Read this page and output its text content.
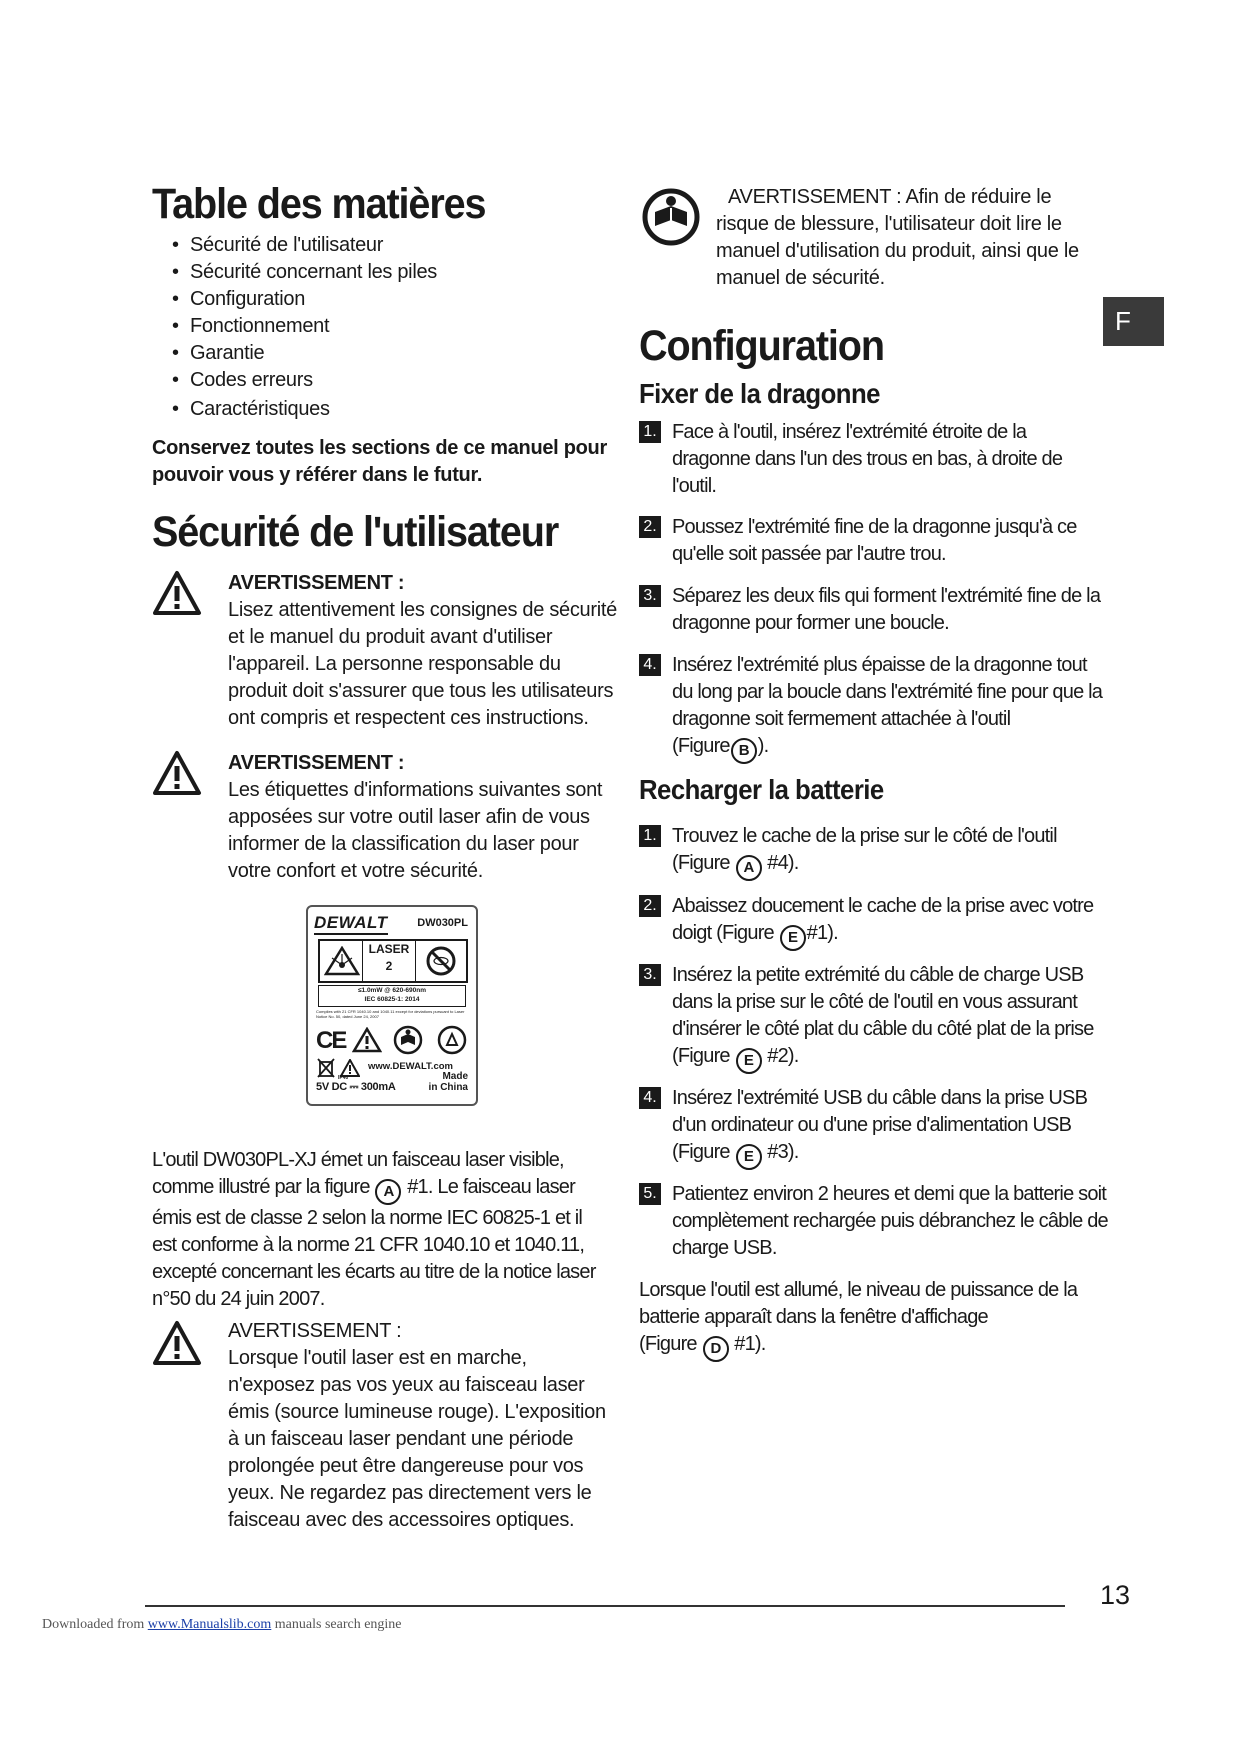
Table des matières
• Sécurité de l'utilisateur
• Sécurité concernant les piles
• Configuration
• Fonctionnement
• Garantie
• Codes erreurs
• Caractéristiques
Conservez toutes les sections de ce manuel pour pouvoir vous y référer dans le futur.
Sécurité de l'utilisateur
AVERTISSEMENT :
Lisez attentivement les consignes de sécurité et le manuel du produit avant d'utiliser l'appareil. La personne responsable du produit doit s'assurer que tous les utilisateurs ont compris et respectent ces instructions.
AVERTISSEMENT :
Les étiquettes d'informations suivantes sont apposées sur votre outil laser afin de vous informer de la classification du laser pour votre confort et votre sécurité.
DEWALT	DW030PL
LASER
2
≤1.0mW @ 620-690nm
IEC 60825-1: 2014
Complies with 21 CFR 1040.10 and 1040.11 except for deviations pursuant to Laser Notice No. 50, dated June 24, 2007
CE
IP40
www.DEWALT.com
5V DC ⎓ 300mA
Made
in China
L'outil DW030PL-XJ émet un faisceau laser visible, comme illustré par la figure A #1. Le faisceau laser émis est de classe 2 selon la norme IEC 60825-1 et il est conforme à la norme 21 CFR 1040.10 et 1040.11, excepté concernant les écarts au titre de la notice laser n°50 du 24 juin 2007.
AVERTISSEMENT :
Lorsque l'outil laser est en marche, n'exposez pas vos yeux au faisceau laser émis (source lumineuse rouge). L'exposition à un faisceau laser pendant une période prolongée peut être dangereuse pour vos yeux. Ne regardez pas directement vers le faisceau avec des accessoires optiques.
AVERTISSEMENT : Afin de réduire le risque de blessure, l'utilisateur doit lire le manuel d'utilisation du produit, ainsi que le manuel de sécurité.
F
Configuration
Fixer de la dragonne
1. Face à l'outil, insérez l'extrémité étroite de la dragonne dans l'un des trous en bas, à droite de l'outil.
2. Poussez l'extrémité fine de la dragonne jusqu'à ce qu'elle soit passée par l'autre trou.
3. Séparez les deux fils qui forment l'extrémité fine de la dragonne pour former une boucle.
4. Insérez l'extrémité plus épaisse de la dragonne tout du long par la boucle dans l'extrémité fine pour que la dragonne soit fermement attachée à l'outil
(Figure B ).
Recharger la batterie
1. Trouvez le cache de la prise sur le côté de l'outil
(Figure A #4).
2. Abaissez doucement le cache de la prise avec votre
doigt (Figure E #1).
3. Insérez la petite extrémité du câble de charge USB dans la prise sur le côté de l'outil en vous assurant d'insérer le côté plat du câble du côté plat de la prise
(Figure E #2).
4. Insérez l'extrémité USB du câble dans la prise USB d'un ordinateur ou d'une prise d'alimentation USB
(Figure E #3).
5. Patientez environ 2 heures et demi que la batterie soit complètement rechargée puis débranchez le câble de charge USB.
Lorsque l'outil est allumé, le niveau de puissance de la batterie apparaît dans la fenêtre d'affichage
(Figure D #1).
13
Downloaded from www.Manualslib.com manuals search engine
